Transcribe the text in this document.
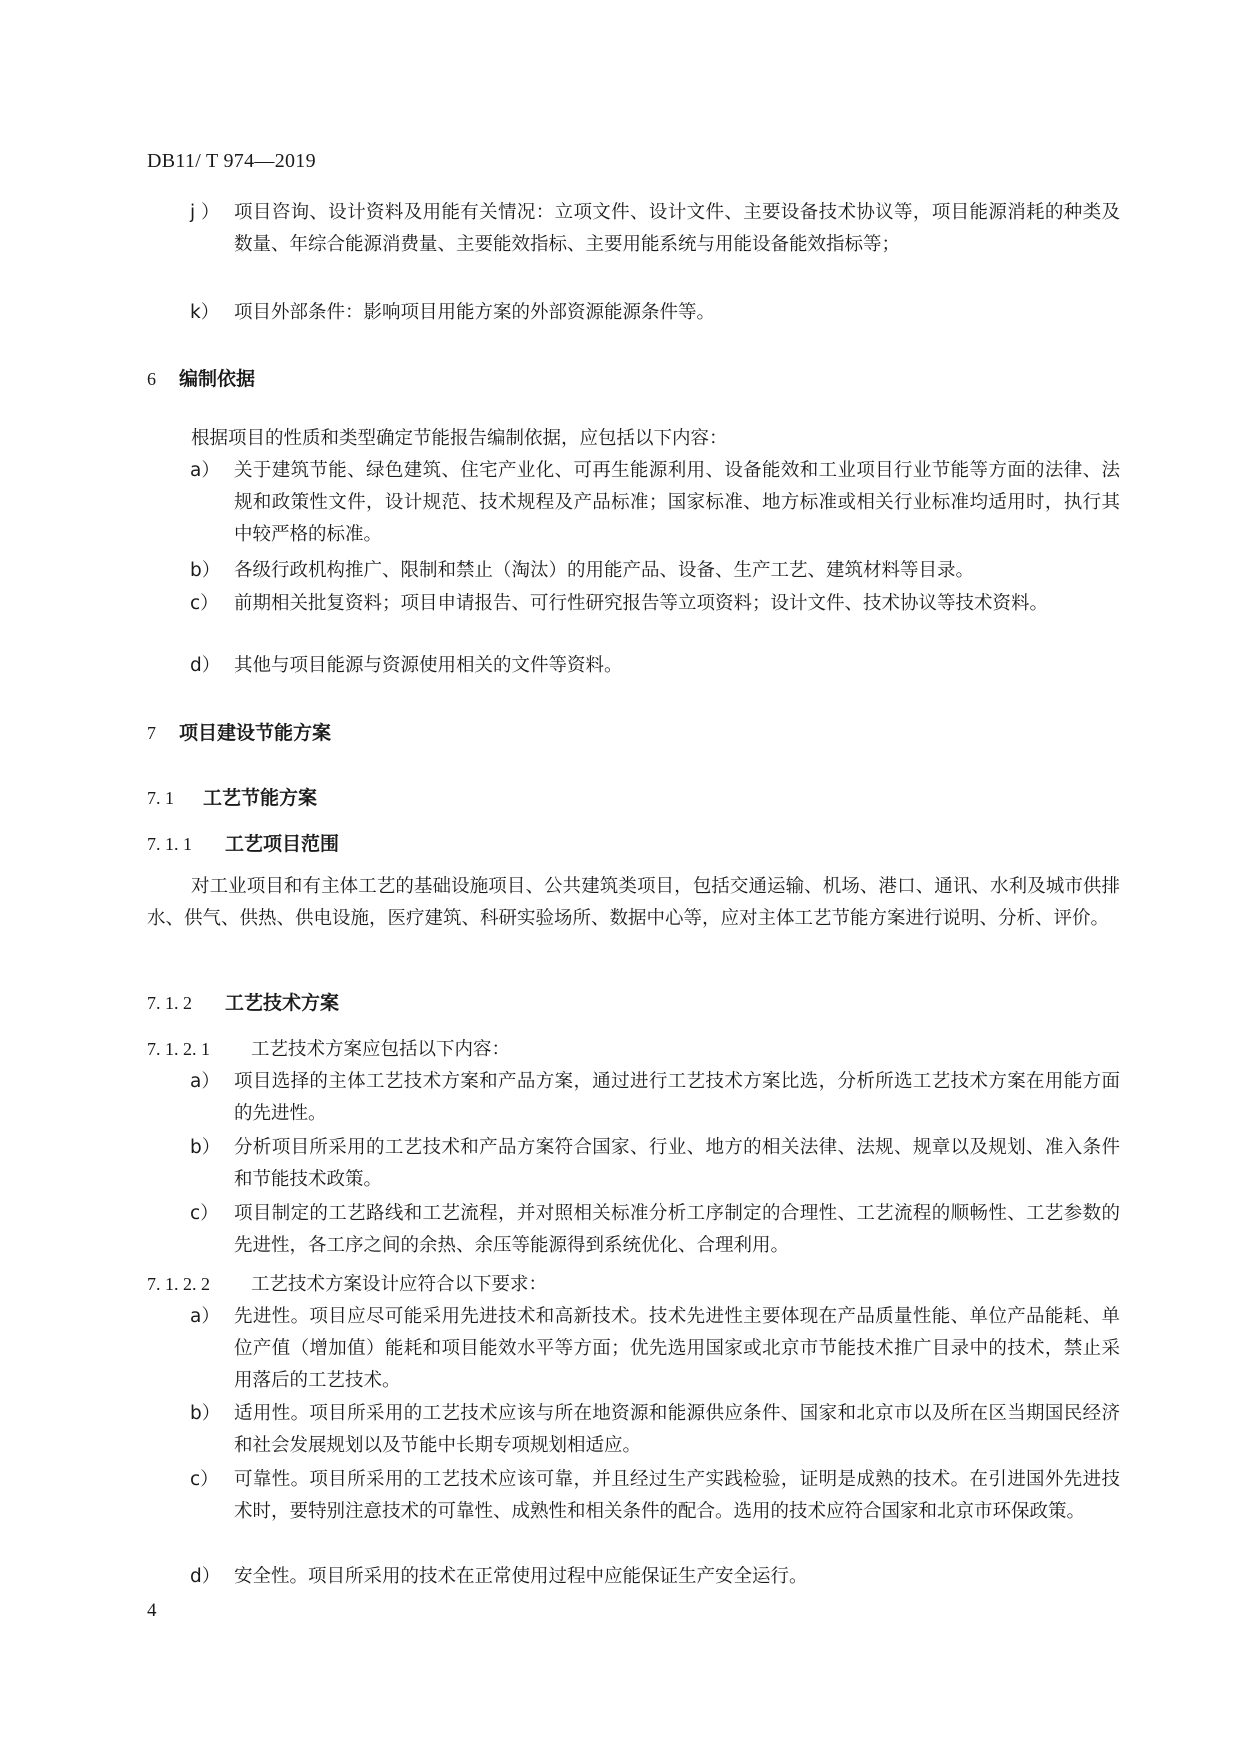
DB11/ T 974—2019
j ） 项目咨询、设计资料及用能有关情况：立项文件、设计文件、主要设备技术协议等，项目能源消耗的种类及数量、年综合能源消费量、主要能效指标、主要用能系统与用能设备能效指标等；
k） 项目外部条件：影响项目用能方案的外部资源能源条件等。
6 编制依据
根据项目的性质和类型确定节能报告编制依据，应包括以下内容：
a） 关于建筑节能、绿色建筑、住宅产业化、可再生能源利用、设备能效和工业项目行业节能等方面的法律、法规和政策性文件，设计规范、技术规程及产品标准；国家标准、地方标准或相关行业标准均适用时，执行其中较严格的标准。
b） 各级行政机构推广、限制和禁止（淘汰）的用能产品、设备、生产工艺、建筑材料等目录。
c） 前期相关批复资料；项目申请报告、可行性研究报告等立项资料；设计文件、技术协议等技术资料。
d） 其他与项目能源与资源使用相关的文件等资料。
7 项目建设节能方案
7. 1 工艺节能方案
7. 1. 1 工艺项目范围
对工业项目和有主体工艺的基础设施项目、公共建筑类项目，包括交通运输、机场、港口、通讯、水利及城市供排水、供气、供热、供电设施，医疗建筑、科研实验场所、数据中心等，应对主体工艺节能方案进行说明、分析、评价。
7. 1. 2 工艺技术方案
7. 1. 2. 1 工艺技术方案应包括以下内容：
a） 项目选择的主体工艺技术方案和产品方案，通过进行工艺技术方案比选，分析所选工艺技术方案在用能方面的先进性。
b） 分析项目所采用的工艺技术和产品方案符合国家、行业、地方的相关法律、法规、规章以及规划、准入条件和节能技术政策。
c） 项目制定的工艺路线和工艺流程，并对照相关标准分析工序制定的合理性、工艺流程的顺畅性、工艺参数的先进性，各工序之间的余热、余压等能源得到系统优化、合理利用。
7. 1. 2. 2 工艺技术方案设计应符合以下要求：
a） 先进性。项目应尽可能采用先进技术和高新技术。技术先进性主要体现在产品质量性能、单位产品能耗、单位产值（增加值）能耗和项目能效水平等方面；优先选用国家或北京市节能技术推广目录中的技术，禁止采用落后的工艺技术。
b） 适用性。项目所采用的工艺技术应该与所在地资源和能源供应条件、国家和北京市以及所在区当期国民经济和社会发展规划以及节能中长期专项规划相适应。
c） 可靠性。项目所采用的工艺技术应该可靠，并且经过生产实践检验，证明是成熟的技术。在引进国外先进技术时，要特别注意技术的可靠性、成熟性和相关条件的配合。选用的技术应符合国家和北京市环保政策。
d） 安全性。项目所采用的技术在正常使用过程中应能保证生产安全运行。
4
